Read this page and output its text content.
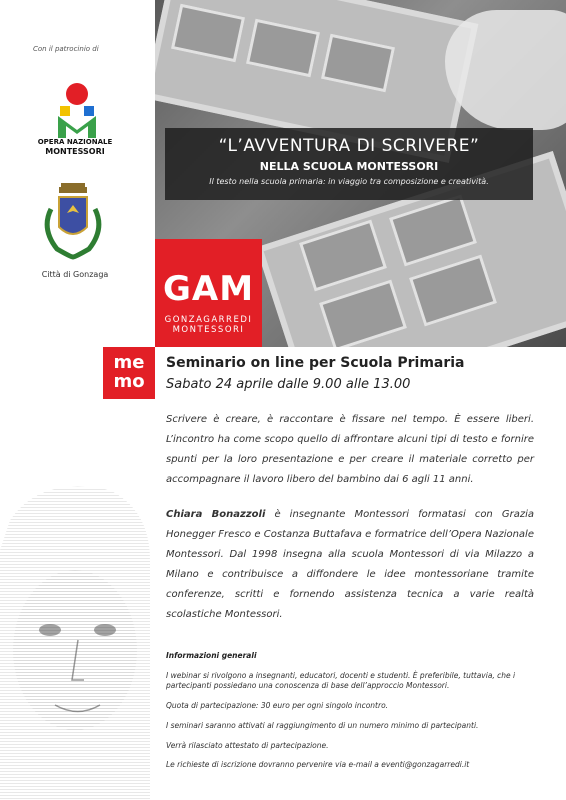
“L’AVVENTURA DI SCRIVERE”
NELLA SCUOLA MONTESSORI
Il testo nella scuola primaria: in viaggio tra composizione e creatività.
GAM
GONZAGARREDI
MONTESSORI
Con il patrocinio di
OPERA NAZIONALE
MONTESSORI
Città di Gonzaga
me
mo
Seminario on line per Scuola Primaria
Sabato 24 aprile dalle 9.00 alle 13.00
Scrivere è creare, è raccontare è fissare nel tempo. È essere liberi. L’incontro ha come scopo quello di affrontare alcuni tipi di testo e fornire spunti per la loro presentazione e per creare il materiale corretto per accompagnare il lavoro libero del bambino dai 6 agli 11 anni.
Chiara Bonazzoli è insegnante Montessori formatasi con Grazia Honegger Fresco e Costanza Buttafava e formatrice dell’Opera Nazionale Montessori. Dal 1998 insegna alla scuola Montessori di via Milazzo a Milano e contribuisce a diffondere le idee montessoriane tramite conferenze, scritti e fornendo assistenza tecnica a varie realtà scolastiche Montessori.
Informazioni generali
I webinar si rivolgono a insegnanti, educatori, docenti e studenti. È preferibile, tuttavia, che i partecipanti possiedano una conoscenza di base dell’approccio Montessori.
Quota di partecipazione: 30 euro per ogni singolo incontro.
I seminari saranno attivati al raggiungimento di un numero minimo di partecipanti.
Verrà rilasciato attestato di partecipazione.
Le richieste di iscrizione dovranno pervenire via e-mail a eventi@gonzagarredi.it
